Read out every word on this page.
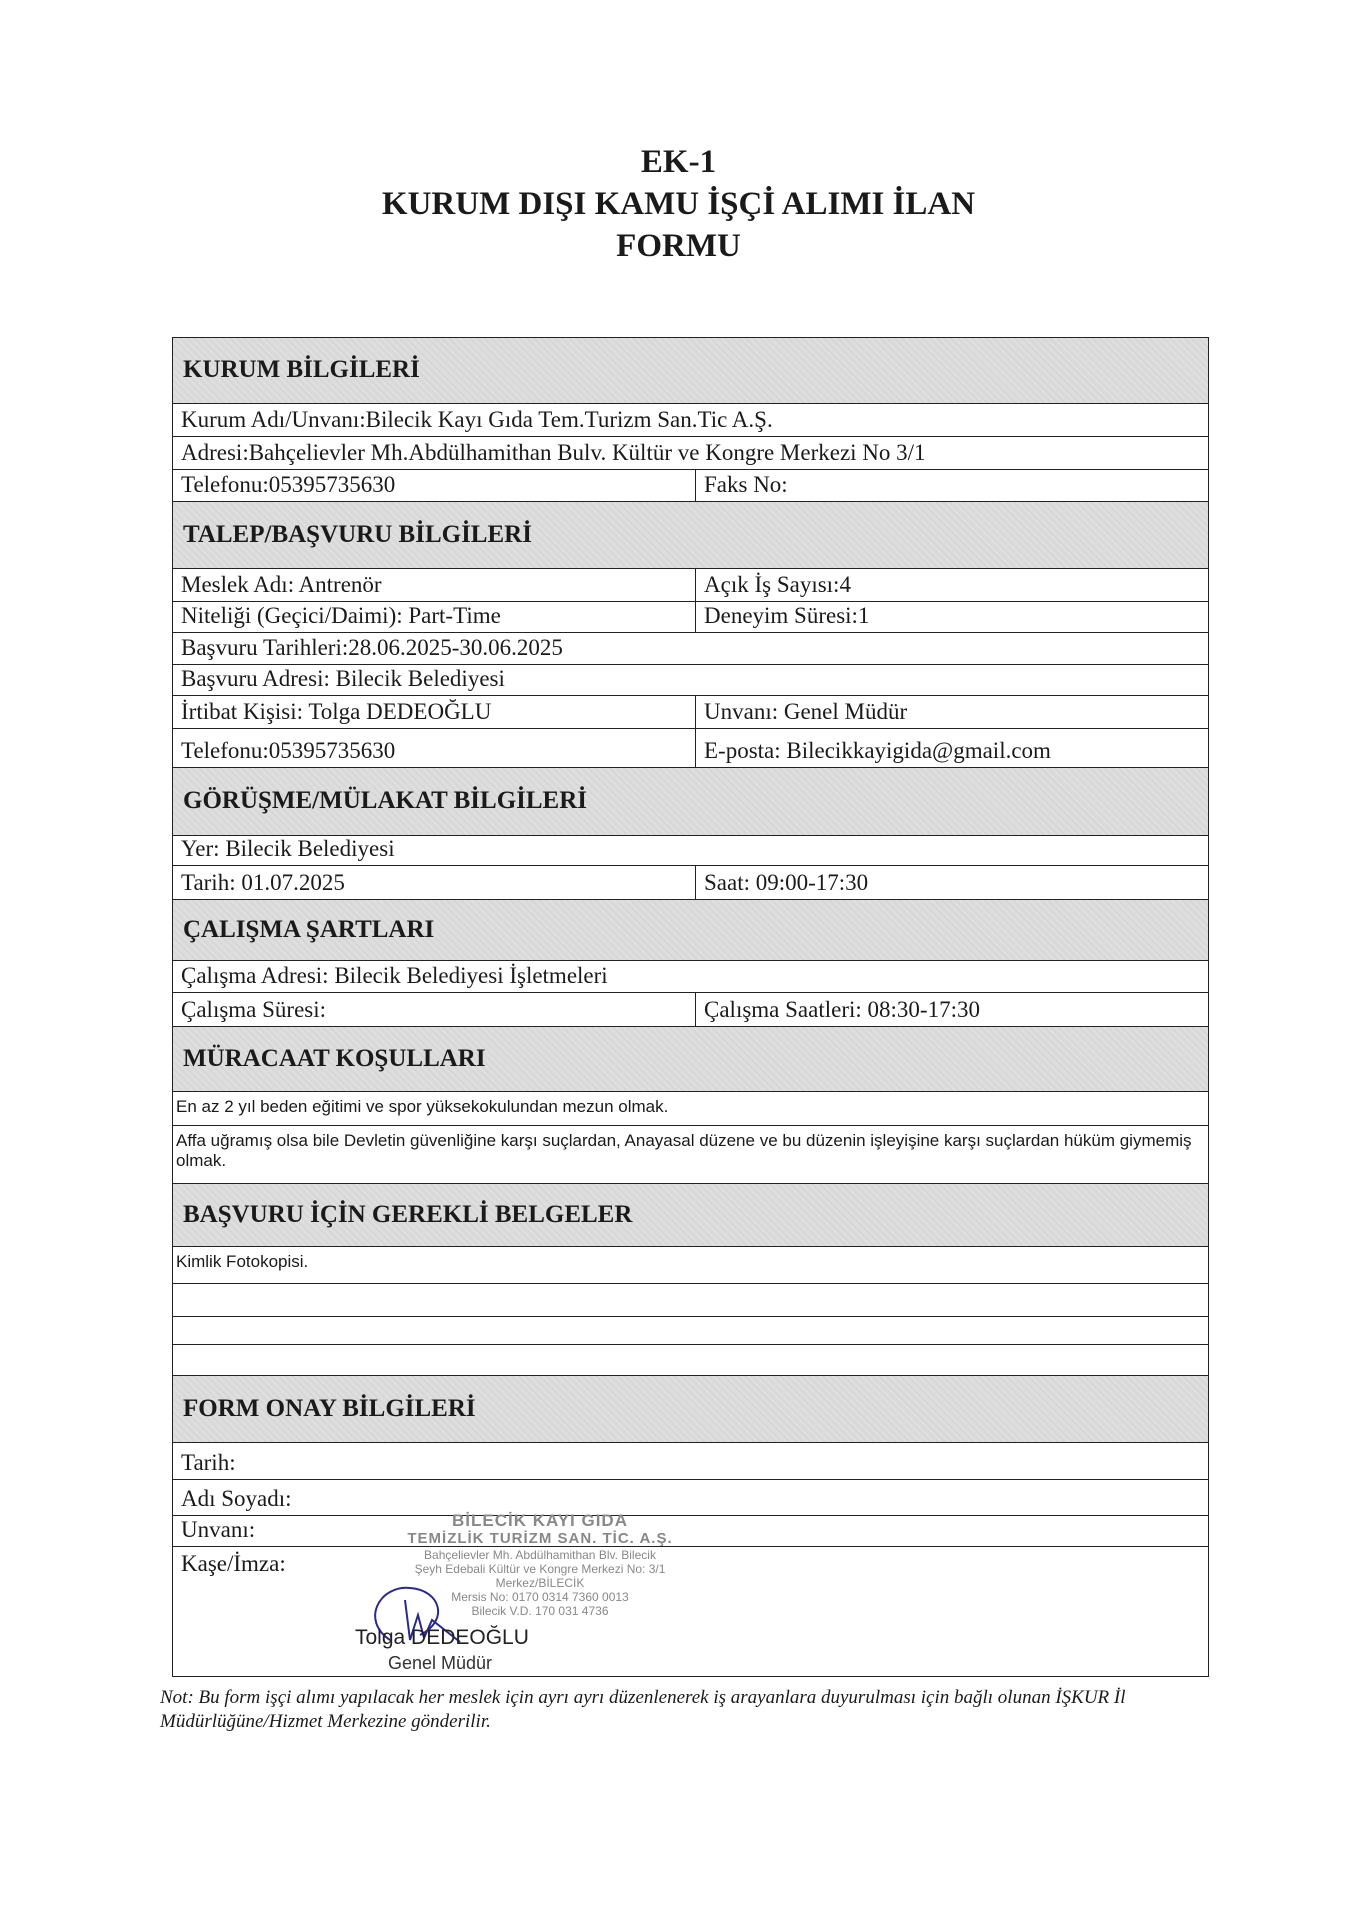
EK-1
KURUM DIŞI KAMU İŞÇİ ALIMI İLAN
FORMU
KURUM BİLGİLERİ
Kurum Adı/Unvanı:Bilecik Kayı Gıda Tem.Turizm San.Tic A.Ş.
Adresi:Bahçelievler Mh.Abdülhamithan Bulv. Kültür ve Kongre Merkezi No 3/1
Telefonu:05395735630	Faks No:
TALEP/BAŞVURU BİLGİLERİ
Meslek Adı: Antrenör	Açık İş Sayısı:4
Niteliği (Geçici/Daimi): Part-Time	Deneyim Süresi:1
Başvuru Tarihleri:28.06.2025-30.06.2025
Başvuru Adresi: Bilecik Belediyesi
İrtibat Kişisi: Tolga DEDEOĞLU	Unvanı: Genel Müdür
Telefonu:05395735630	E-posta: Bilecikkayigida@gmail.com
GÖRÜŞME/MÜLAKAT BİLGİLERİ
Yer: Bilecik Belediyesi
Tarih: 01.07.2025	Saat: 09:00-17:30
ÇALIŞMA ŞARTLARI
Çalışma Adresi: Bilecik Belediyesi İşletmeleri
Çalışma Süresi:	Çalışma Saatleri: 08:30-17:30
MÜRACAAT KOŞULLARI
En az 2 yıl beden eğitimi ve spor yüksekokulundan mezun olmak.
Affa uğramış olsa bile Devletin güvenliğine karşı suçlardan, Anayasal düzene ve bu düzenin işleyişine karşı suçlardan hüküm giymemiş olmak.
BAŞVURU İÇİN GEREKLİ BELGELER
Kimlik Fotokopisi.
FORM ONAY BİLGİLERİ
Tarih:
Adı Soyadı:
Unvanı:
Kaşe/İmza:
BİLECİK KAYI GIDA
TEMİZLİK TURİZM SAN. TİC. A.Ş.
Bahçelievler Mh. Abdülhamithan Blv. Bilecik
Şeyh Edebali Kültür ve Kongre Merkezi No: 3/1
Merkez/BİLECİK
Mersis No: 0170 0314 7360 0013
Bilecik V.D. 170 031 4736
Tolga DEDEOĞLU
Genel Müdür
Not: Bu form işçi alımı yapılacak her meslek için ayrı ayrı düzenlenerek iş arayanlara duyurulması için bağlı olunan İŞKUR İl Müdürlüğüne/Hizmet Merkezine gönderilir.
